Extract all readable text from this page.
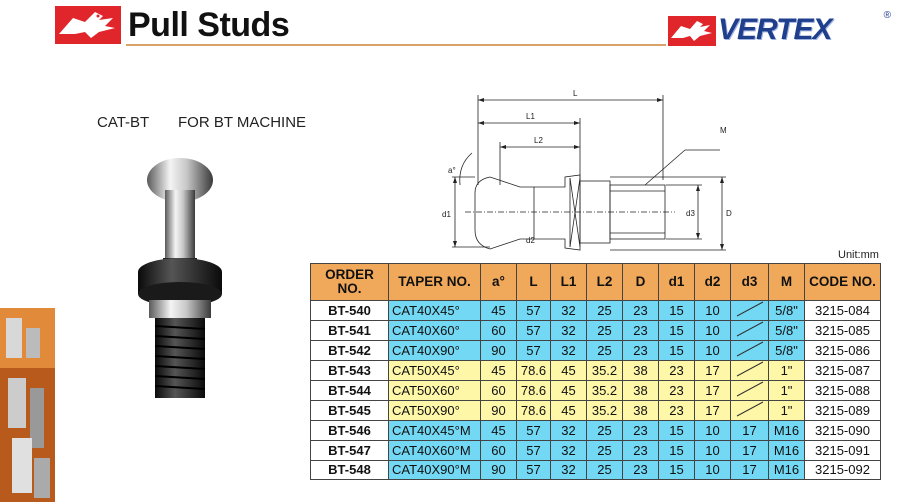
Pull Studs	VERTEX	®
CAT-BT FOR BT MACHINE
L
L1
L2
M
a°
d1
d2
d3	D
Unit:mm
ORDER NO.	TAPER NO.	a°	L	L1	L2	D	d1	d2	d3	M	CODE NO.
BT-540	CAT40X45°	45	57	32	25	23	15	10		5/8"	3215-084
BT-541	CAT40X60°	60	57	32	25	23	15	10		5/8"	3215-085
BT-542	CAT40X90°	90	57	32	25	23	15	10		5/8"	3215-086
BT-543	CAT50X45°	45	78.6	45	35.2	38	23	17		1"	3215-087
BT-544	CAT50X60°	60	78.6	45	35.2	38	23	17		1"	3215-088
BT-545	CAT50X90°	90	78.6	45	35.2	38	23	17		1"	3215-089
BT-546	CAT40X45°M	45	57	32	25	23	15	10	17	M16	3215-090
BT-547	CAT40X60°M	60	57	32	25	23	15	10	17	M16	3215-091
BT-548	CAT40X90°M	90	57	32	25	23	15	10	17	M16	3215-092
